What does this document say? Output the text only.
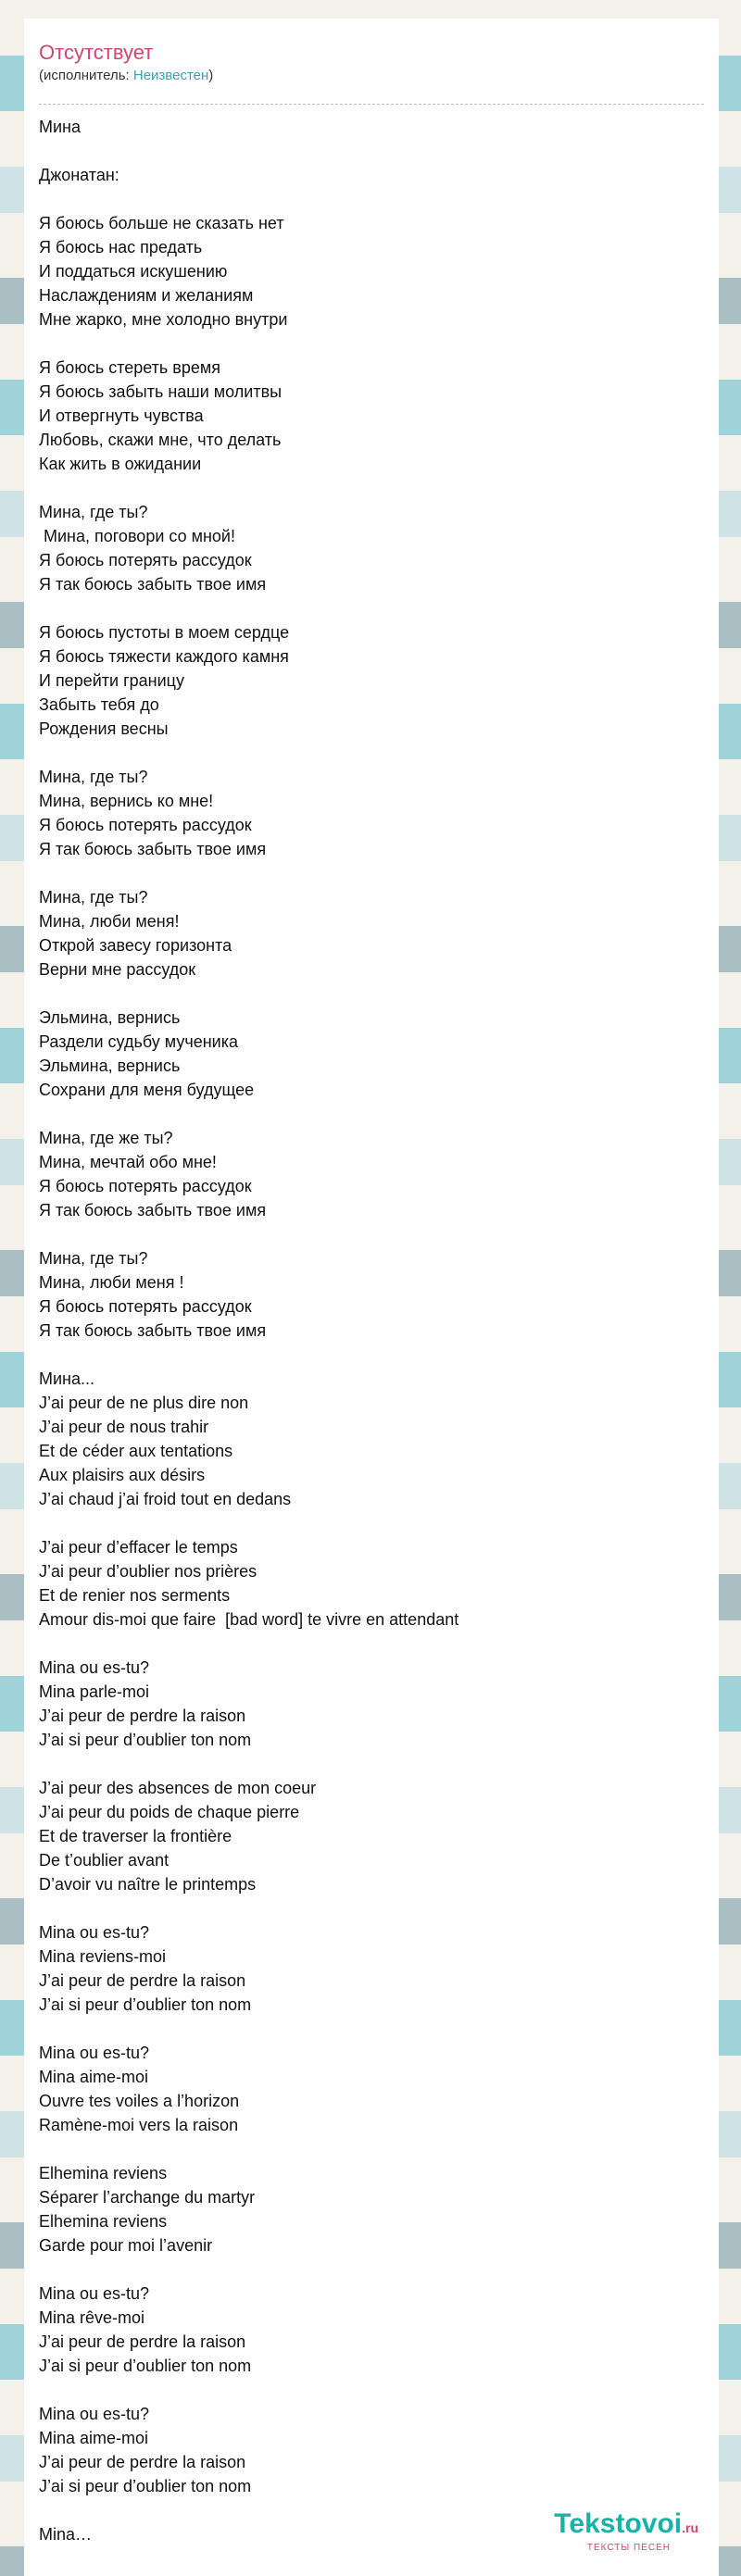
Отсутствует
(исполнитель: Неизвестен)
Мина
Джонатан:
Я боюсь больше не сказать нет
Я боюсь нас предать
И поддаться искушению
Наслаждениям и желаниям
Мне жарко, мне холодно внутри
Я боюсь стереть время
Я боюсь забыть наши молитвы
И отвергнуть чувства
Любовь, скажи мне, что делать
Как жить в ожидании
Мина, где ты?
Мина, поговори со мной!
Я боюсь потерять рассудок
Я так боюсь забыть твое имя
Я боюсь пустоты в моем сердце
Я боюсь тяжести каждого камня
И перейти границу
Забыть тебя до
Рождения весны
Мина, где ты?
Мина, вернись ко мне!
Я боюсь потерять рассудок
Я так боюсь забыть твое имя
Мина, где ты?
Мина, люби меня!
Открой завесу горизонта
Верни мне рассудок
Эльмина, вернись
Раздели судьбу мученика
Эльмина, вернись
Сохрани для меня будущее
Мина, где же ты?
Мина, мечтай обо мне!
Я боюсь потерять рассудок
Я так боюсь забыть твое имя
Мина, где ты?
Мина, люби меня !
Я боюсь потерять рассудок
Я так боюсь забыть твое имя
Мина...
J’ai peur de ne plus dire non
J’ai peur de nous trahir
Et de céder aux tentations
Aux plaisirs aux désirs
J’ai chaud j’ai froid tout en dedans
J’ai peur d’effacer le temps
J’ai peur d’oublier nos prières
Et de renier nos serments
Amour dis-moi que faire  [bad word] te vivre en attendant
Mina ou es-tu?
Mina parle-moi
J’ai peur de perdre la raison
J’ai si peur d’oublier ton nom
J’ai peur des absences de mon coeur
J’ai peur du poids de chaque pierre
Et de traverser la frontière
De t’oublier avant
D’avoir vu naître le printemps
Mina ou es-tu?
Mina reviens-moi
J’ai peur de perdre la raison
J’ai si peur d’oublier ton nom
Mina ou es-tu?
Mina aime-moi
Ouvre tes voiles a l’horizon
Ramène-moi vers la raison
Elhemina reviens
Séparer l’archange du martyr
Elhemina reviens
Garde pour moi l’avenir
Mina ou es-tu?
Mina rêve-moi
J’ai peur de perdre la raison
J’ai si peur d’oublier ton nom
Mina ou es-tu?
Mina aime-moi
J’ai peur de perdre la raison
J’ai si peur d’oublier ton nom
Mina…	Tekstovoi.ru
ТЕКСТЫ ПЕСЕН
